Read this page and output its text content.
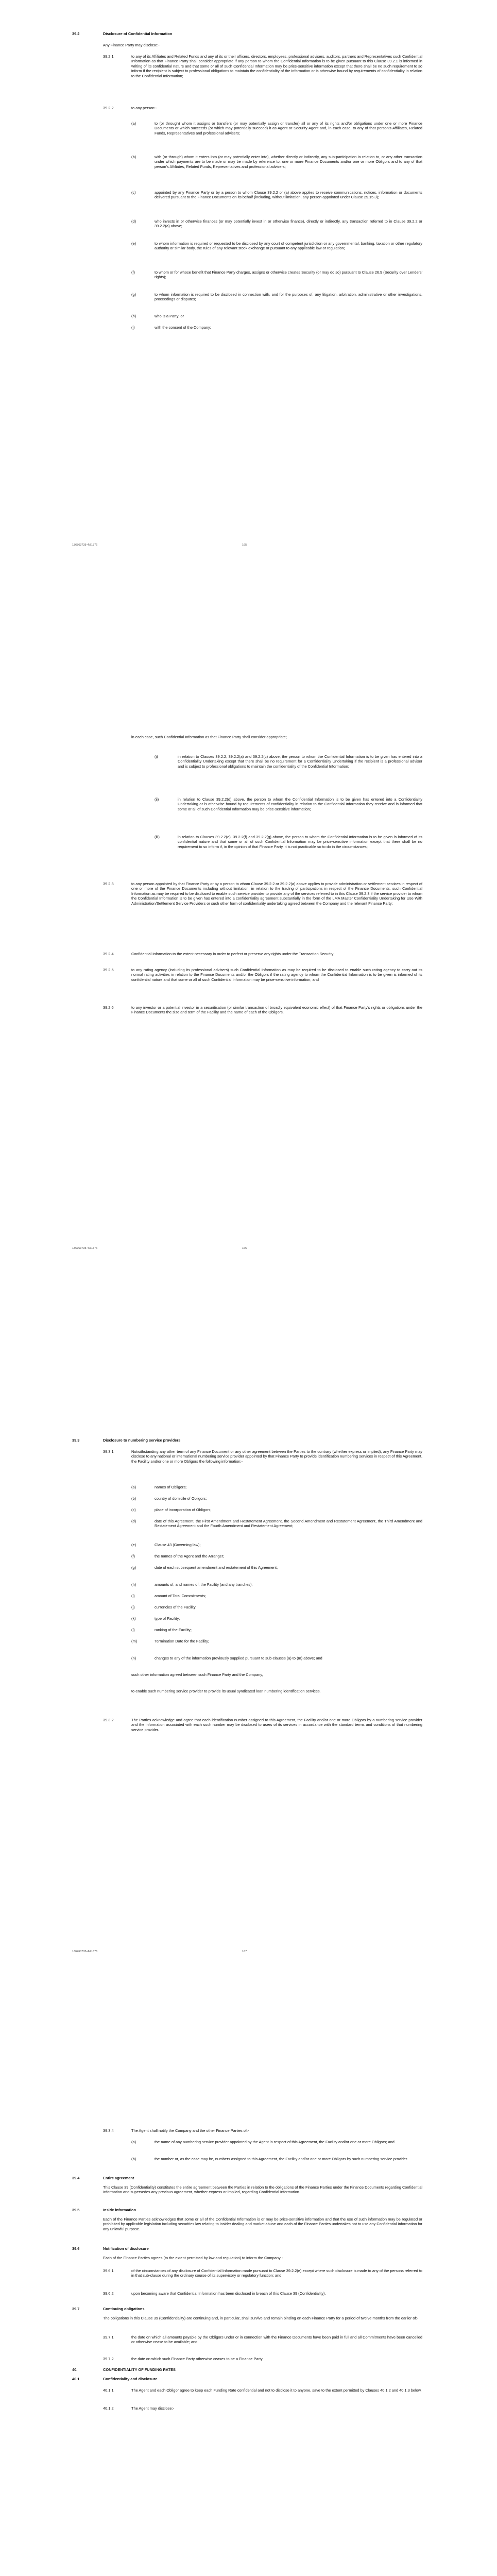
39.2	Disclosure of Confidential Information
Any Finance Party may disclose:-
39.2.1	to any of its Affiliates and Related Funds and any of its or their officers, directors, employees, professional advisers, auditors, partners and Representatives such Confidential Information as that Finance Party shall consider appropriate if any person to whom the Confidential Information is to be given pursuant to this Clause 39.2.1 is informed in writing of its confidential nature and that some or all of such Confidential Information may be price-sensitive information except that there shall be no such requirement to so inform if the recipient is subject to professional obligations to maintain the confidentiality of the information or is otherwise bound by requirements of confidentiality in relation to the Confidential Information;
39.2.2	to any person:-
(a)	to (or through) whom it assigns or transfers (or may potentially assign or transfer) all or any of its rights and/or obligations under one or more Finance Documents or which succeeds (or which may potentially succeed) it as Agent or Security Agent and, in each case, to any of that person's Affiliates, Related Funds, Representatives and professional advisers;
(b)	with (or through) whom it enters into (or may potentially enter into), whether directly or indirectly, any sub-participation in relation to, or any other transaction under which payments are to be made or may be made by reference to, one or more Finance Documents and/or one or more Obligors and to any of that person's Affiliates, Related Funds, Representatives and professional advisers;
(c)	appointed by any Finance Party or by a person to whom Clause 39.2.2 or (a) above applies to receive communications, notices, information or documents delivered pursuant to the Finance Documents on its behalf (including, without limitation, any person appointed under Clause 29.15.3);
(d)	who invests in or otherwise finances (or may potentially invest in or otherwise finance), directly or indirectly, any transaction referred to in Clause 39.2.2 or 39.2.2(a) above;
(e)	to whom information is required or requested to be disclosed by any court of competent jurisdiction or any governmental, banking, taxation or other regulatory authority or similar body, the rules of any relevant stock exchange or pursuant to any applicable law or regulation;
(f)	to whom or for whose benefit that Finance Party charges, assigns or otherwise creates Security (or may do so) pursuant to Clause 26.9 (Security over Lenders' rights);
(g)	to whom information is required to be disclosed in connection with, and for the purposes of, any litigation, arbitration, administrative or other investigations, proceedings or disputes;
(h)	who is a Party; or
(i)	with the consent of the Company;
136763735-4\71376	165
in each case, such Confidential Information as that Finance Party shall consider appropriate;
(i)	in relation to Clauses 39.2.2, 39.2.2(a) and 39.2.2(c) above, the person to whom the Confidential Information is to be given has entered into a Confidentiality Undertaking except that there shall be no requirement for a Confidentiality Undertaking if the recipient is a professional adviser and is subject to professional obligations to maintain the confidentiality of the Confidential Information;
(ii)	in relation to Clause 39.2.2(d) above, the person to whom the Confidential Information is to be given has entered into a Confidentiality Undertaking or is otherwise bound by requirements of confidentiality in relation to the Confidential Information they receive and is informed that some or all of such Confidential Information may be price-sensitive information;
(iii)	in relation to Clauses 39.2.2(e), 39.2.2(f) and 39.2.2(g) above, the person to whom the Confidential Information is to be given is informed of its confidential nature and that some or all of such Confidential Information may be price-sensitive information except that there shall be no requirement to so inform if, in the opinion of that Finance Party, it is not practicable so to do in the circumstances;
39.2.3	to any person appointed by that Finance Party or by a person to whom Clause 39.2.2 or 39.2.2(a) above applies to provide administration or settlement services in respect of one or more of the Finance Documents including without limitation, in relation to the trading of participations in respect of the Finance Documents, such Confidential Information as may be required to be disclosed to enable such service provider to provide any of the services referred to in this Clause 39.2.3 if the service provider to whom the Confidential Information is to be given has entered into a confidentiality agreement substantially in the form of the LMA Master Confidentiality Undertaking for Use With Administration/Settlement Service Providers or such other form of confidentiality undertaking agreed between the Company and the relevant Finance Party;
39.2.4	Confidential Information to the extent necessary in order to perfect or preserve any rights under the Transaction Security;
39.2.5	to any rating agency (including its professional advisers) such Confidential Information as may be required to be disclosed to enable such rating agency to carry out its normal rating activities in relation to the Finance Documents and/or the Obligors if the rating agency to whom the Confidential Information is to be given is informed of its confidential nature and that some or all of such Confidential Information may be price-sensitive information; and
39.2.6	to any investor or a potential investor in a securitisation (or similar transaction of broadly equivalent economic effect) of that Finance Party's rights or obligations under the Finance Documents the size and term of the Facility and the name of each of the Obligors.
136763735-4\71376	166
39.3	Disclosure to numbering service providers
39.3.1	Notwithstanding any other term of any Finance Document or any other agreement between the Parties to the contrary (whether express or implied), any Finance Party may disclose to any national or international numbering service provider appointed by that Finance Party to provide identification numbering services in respect of this Agreement, the Facility and/or one or more Obligors the following information:-
(a)	names of Obligors;
(b)	country of domicile of Obligors;
(c)	place of incorporation of Obligors;
(d)	date of this Agreement, the First Amendment and Restatement Agreement, the Second Amendment and Restatement Agreement, the Third Amendment and Restatement Agreement and the Fourth Amendment and Restatement Agreement;
(e)	Clause 43 (Governing law);
(f)	the names of the Agent and the Arranger;
(g)	date of each subsequent amendment and restatement of this Agreement;
(h)	amounts of, and names of, the Facility (and any tranches);
(i)	amount of Total Commitments;
(j)	currencies of the Facility;
(k)	type of Facility;
(l)	ranking of the Facility;
(m)	Termination Date for the Facility;
(n)	changes to any of the information previously supplied pursuant to sub-clauses (a) to (m) above; and
such other information agreed between such Finance Party and the Company,
to enable such numbering service provider to provide its usual syndicated loan numbering identification services.
39.3.2	The Parties acknowledge and agree that each identification number assigned to this Agreement, the Facility and/or one or more Obligors by a numbering service provider and the information associated with each such number may be disclosed to users of its services in accordance with the standard terms and conditions of that numbering service provider.
136763735-4\71376	167
39.3.4	The Agent shall notify the Company and the other Finance Parties of:-
(a)	the name of any numbering service provider appointed by the Agent in respect of this Agreement, the Facility and/or one or more Obligors; and
(b)	the number or, as the case may be, numbers assigned to this Agreement, the Facility and/or one or more Obligors by such numbering service provider.
39.4	Entire agreement
This Clause 39 (Confidentiality) constitutes the entire agreement between the Parties in relation to the obligations of the Finance Parties under the Finance Documents regarding Confidential Information and supersedes any previous agreement, whether express or implied, regarding Confidential Information.
39.5	Inside information
Each of the Finance Parties acknowledges that some or all of the Confidential Information is or may be price-sensitive information and that the use of such information may be regulated or prohibited by applicable legislation including securities law relating to insider dealing and market abuse and each of the Finance Parties undertakes not to use any Confidential Information for any unlawful purpose.
39.6	Notification of disclosure
Each of the Finance Parties agrees (to the extent permitted by law and regulation) to inform the Company:-
39.6.1	of the circumstances of any disclosure of Confidential Information made pursuant to Clause 39.2.2(e) except where such disclosure is made to any of the persons referred to in that sub-clause during the ordinary course of its supervisory or regulatory function; and
39.6.2	upon becoming aware that Confidential Information has been disclosed in breach of this Clause 39 (Confidentiality).
39.7	Continuing obligations
The obligations in this Clause 39 (Confidentiality) are continuing and, in particular, shall survive and remain binding on each Finance Party for a period of twelve months from the earlier of:-
39.7.1	the date on which all amounts payable by the Obligors under or in connection with the Finance Documents have been paid in full and all Commitments have been cancelled or otherwise cease to be available; and
39.7.2	the date on which such Finance Party otherwise ceases to be a Finance Party.
40.	CONFIDENTIALITY OF FUNDING RATES
40.1	Confidentiality and disclosure
40.1.1	The Agent and each Obligor agree to keep each Funding Rate confidential and not to disclose it to anyone, save to the extent permitted by Clauses 40.1.2 and 40.1.3 below.
40.1.2	The Agent may disclose:-
